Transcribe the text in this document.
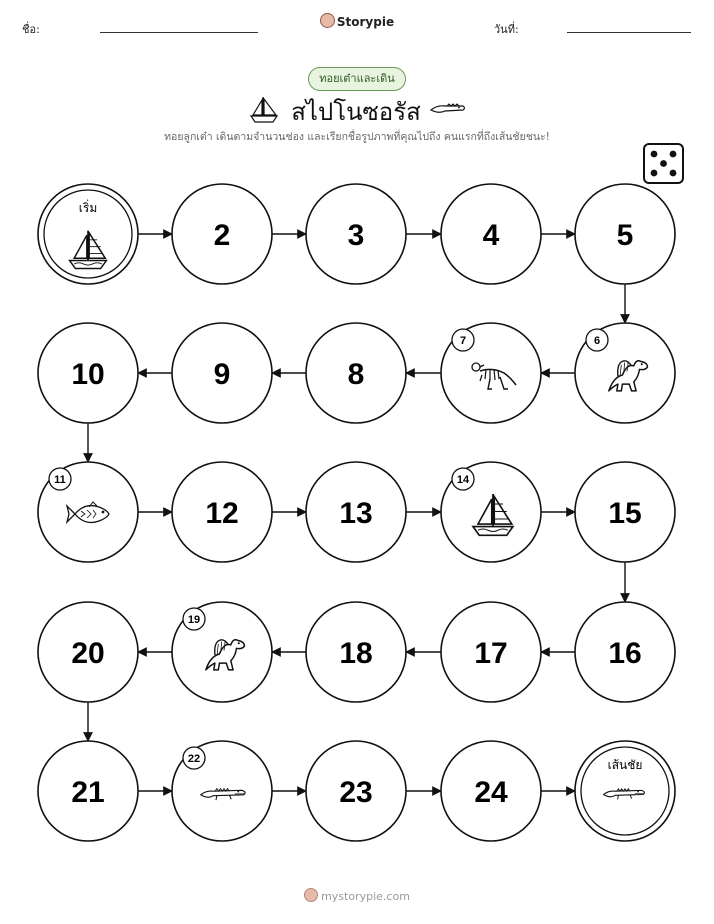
ชื่อ:
Storypie
วันที่:
ทอยเต๋าและเดิน
สไปโนซอรัส
ทอยลูกเต๋า เดินตามจำนวนช่อง และเรียกชื่อรูปภาพที่คุณไปถึง คนแรกที่ถึงเส้นชัยชนะ!
เริ่ม
2	3	4	5
6
7
8
9
10
11
12	13
14
15
16
17
18
19
20
21
22
23	24
เส้นชัย
mystorypie.com
